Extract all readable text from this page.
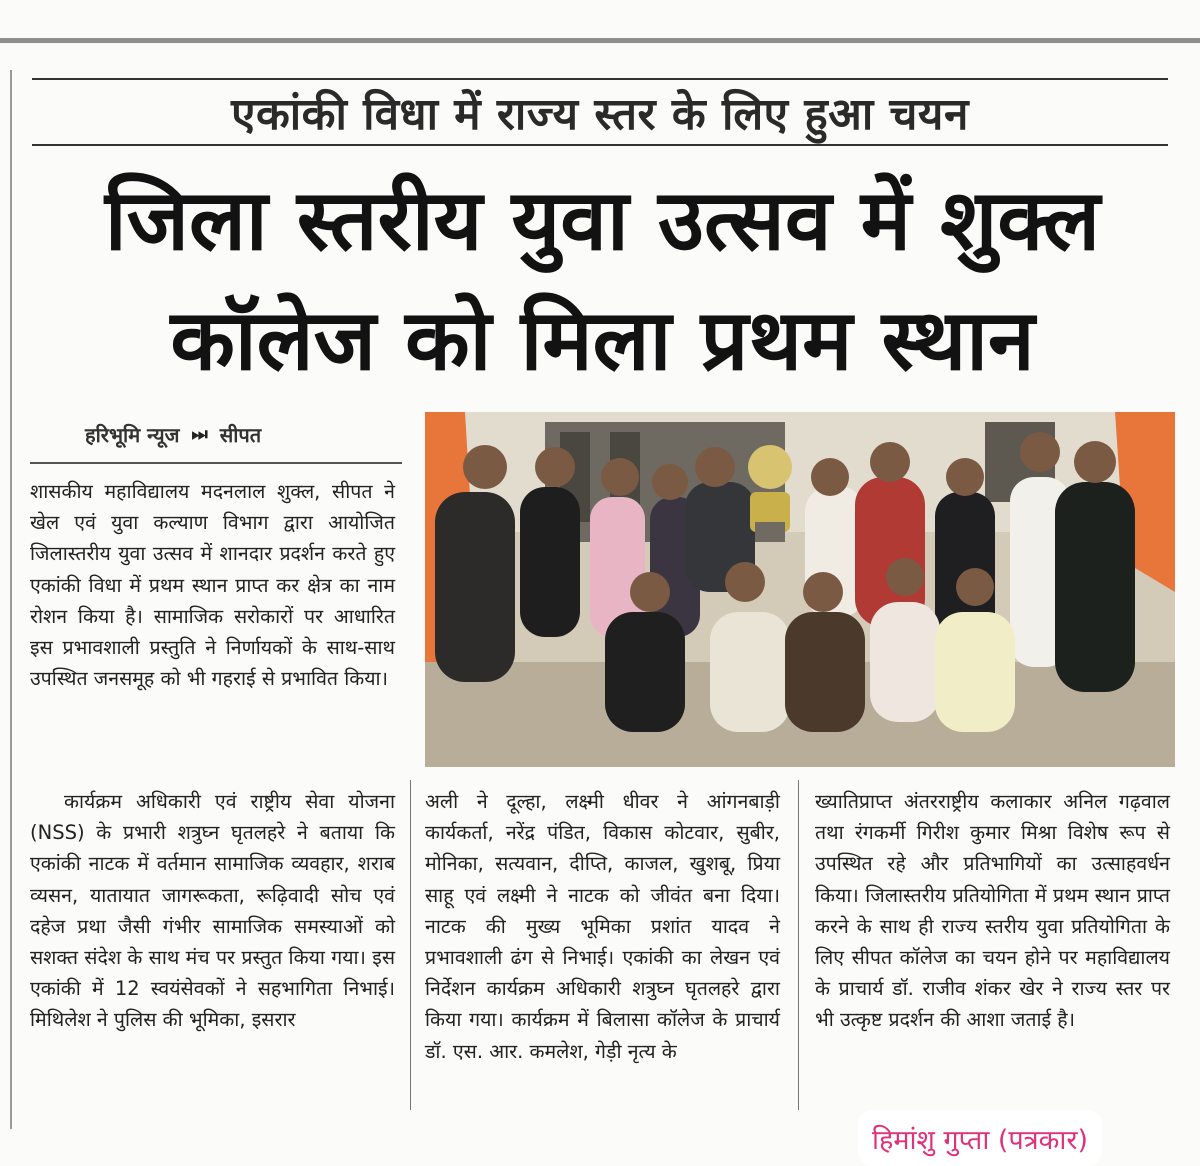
एकांकी विधा में राज्य स्तर के लिए हुआ चयन
जिला स्तरीय युवा उत्सव में शुक्ल
कॉलेज को मिला प्रथम स्थान
हरिभूमि न्यूज ⏭ सीपत
शासकीय महाविद्यालय मदनलाल शुक्ल, सीपत ने खेल एवं युवा कल्याण विभाग द्वारा आयोजित जिलास्तरीय युवा उत्सव में शानदार प्रदर्शन करते हुए एकांकी विधा में प्रथम स्थान प्राप्त कर क्षेत्र का नाम रोशन किया है। सामाजिक सरोकारों पर आधारित इस प्रभावशाली प्रस्तुति ने निर्णायकों के साथ-साथ उपस्थित जनसमूह को भी गहराई से प्रभावित किया।
हिमांशु गुप्ता (पत्रकार)
कार्यक्रम अधिकारी एवं राष्ट्रीय सेवा योजना (NSS) के प्रभारी शत्रुघ्न घृतलहरे ने बताया कि एकांकी नाटक में वर्तमान सामाजिक व्यवहार, शराब व्यसन, यातायात जागरूकता, रूढ़िवादी सोच एवं दहेज प्रथा जैसी गंभीर सामाजिक समस्याओं को सशक्त संदेश के साथ मंच पर प्रस्तुत किया गया। इस एकांकी में 12 स्वयंसेवकों ने सहभागिता निभाई। मिथिलेश ने पुलिस की भूमिका, इसरार
अली ने दूल्हा, लक्ष्मी धीवर ने आंगनबाड़ी कार्यकर्ता, नरेंद्र पंडित, विकास कोटवार, सुबीर, मोनिका, सत्यवान, दीप्ति, काजल, खुशबू, प्रिया साहू एवं लक्ष्मी ने नाटक को जीवंत बना दिया। नाटक की मुख्य भूमिका प्रशांत यादव ने प्रभावशाली ढंग से निभाई। एकांकी का लेखन एवं निर्देशन कार्यक्रम अधिकारी शत्रुघ्न घृतलहरे द्वारा किया गया। कार्यक्रम में बिलासा कॉलेज के प्राचार्य डॉ. एस. आर. कमलेश, गेड़ी नृत्य के
ख्यातिप्राप्त अंतरराष्ट्रीय कलाकार अनिल गढ़वाल तथा रंगकर्मी गिरीश कुमार मिश्रा विशेष रूप से उपस्थित रहे और प्रतिभागियों का उत्साहवर्धन किया। जिलास्तरीय प्रतियोगिता में प्रथम स्थान प्राप्त करने के साथ ही राज्य स्तरीय युवा प्रतियोगिता के लिए सीपत कॉलेज का चयन होने पर महाविद्यालय के प्राचार्य डॉ. राजीव शंकर खेर ने राज्य स्तर पर भी उत्कृष्ट प्रदर्शन की आशा जताई है।
